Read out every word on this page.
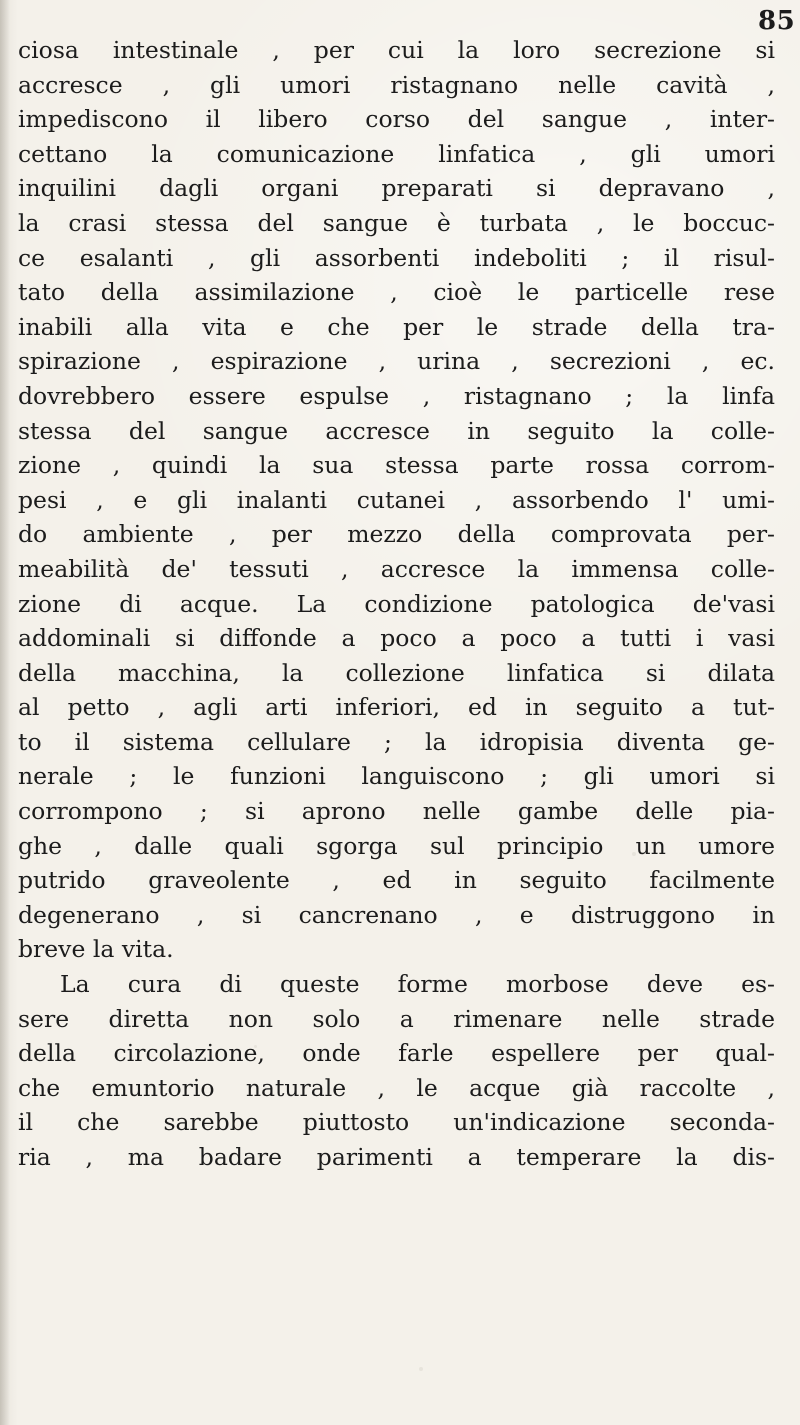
85
ciosa intestinale , per cui la loro secrezione si
accresce , gli umori ristagnano nelle cavità ,
impediscono il libero corso del sangue , inter-
cettano la comunicazione linfatica , gli umori
inquilini dagli organi preparati si depravano ,
la crasi stessa del sangue è turbata , le boccuc-
ce esalanti , gli assorbenti indeboliti ; il risul-
tato della assimilazione , cioè le particelle rese
inabili alla vita e che per le strade della tra-
spirazione , espirazione , urina , secrezioni , ec.
dovrebbero essere espulse , ristagnano ; la linfa
stessa del sangue accresce in seguito la colle-
zione , quindi la sua stessa parte rossa corrom-
pesi , e gli inalanti cutanei , assorbendo l' umi-
do ambiente , per mezzo della comprovata per-
meabilità de' tessuti , accresce la immensa colle-
zione di acque. La condizione patologica de'vasi
addominali si diffonde a poco a poco a tutti i vasi
della macchina, la collezione linfatica si dilata
al petto , agli arti inferiori, ed in seguito a tut-
to il sistema cellulare ; la idropisia diventa ge-
nerale ; le funzioni languiscono ; gli umori si
corrompono ; si aprono nelle gambe delle pia-
ghe , dalle quali sgorga sul principio un umore
putrido graveolente , ed in seguito facilmente
degenerano , si cancrenano , e distruggono in
breve la vita.
La cura di queste forme morbose deve es-
sere diretta non solo a rimenare nelle strade
della circolazione, onde farle espellere per qual-
che emuntorio naturale , le acque già raccolte ,
il che sarebbe piuttosto un'indicazione seconda-
ria , ma badare parimenti a temperare la dis-
